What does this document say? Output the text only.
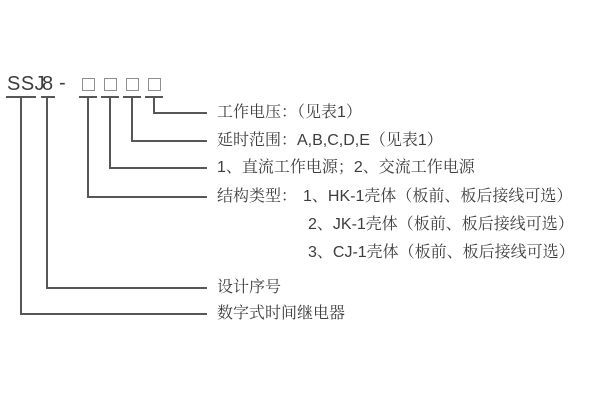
SSJ
8 -
工作电压：（见表1）
延时范围：A,B,C,D,E（见表1）
1、直流工作电源；2、交流工作电源
结构类型： 1、HK-1壳体（板前、板后接线可选）
2、JK-1壳体（板前、板后接线可选）
3、CJ-1壳体（板前、板后接线可选）
设计序号
数字式时间继电器
